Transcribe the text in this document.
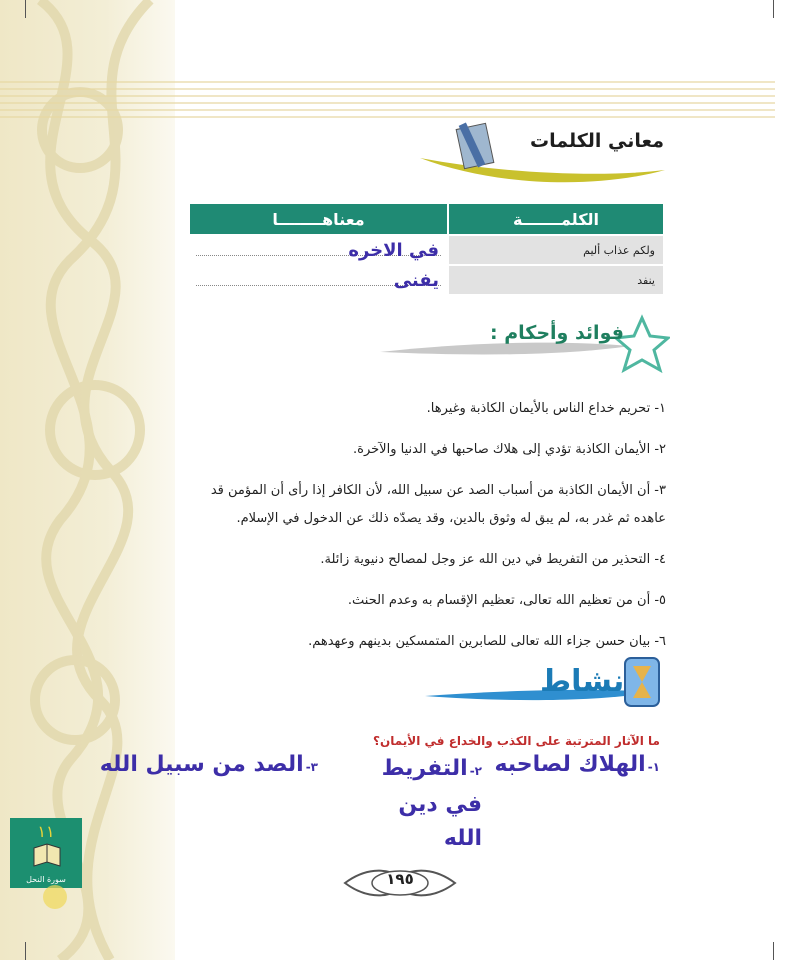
معاني الكلمات
الكلمـــــــة	معناهــــــــا
ولكم عذاب أليم	في الاخره
ينفد	يفنى
فوائد وأحكام :
١- تحريم خداع الناس بالأيمان الكاذبة وغيرها.
٢- الأيمان الكاذبة تؤدي إلى هلاك صاحبها في الدنيا والآخرة.
٣- أن الأيمان الكاذبة من أسباب الصد عن سبيل الله، لأن الكافر إذا رأى أن المؤمن قد عاهده ثم غدر به، لم يبق له وثوق بالدين، وقد يصدّه ذلك عن الدخول في الإسلام.
٤- التحذير من التفريط في دين الله عز وجل لمصالح دنيوية زائلة.
٥- أن من تعظيم الله تعالى، تعظيم الإقسام به وعدم الحنث.
٦- بيان حسن جزاء الله تعالى للصابرين المتمسكين بدينهم وعهدهم.
نشاط
ما الآثار المترتبة على الكذب والخداع في الأيمان؟
١-الهلاك لصاحبه
٢-التفريط في دين الله
٣-الصد من سبيل الله
١١
سورة النحل	١٩٥
